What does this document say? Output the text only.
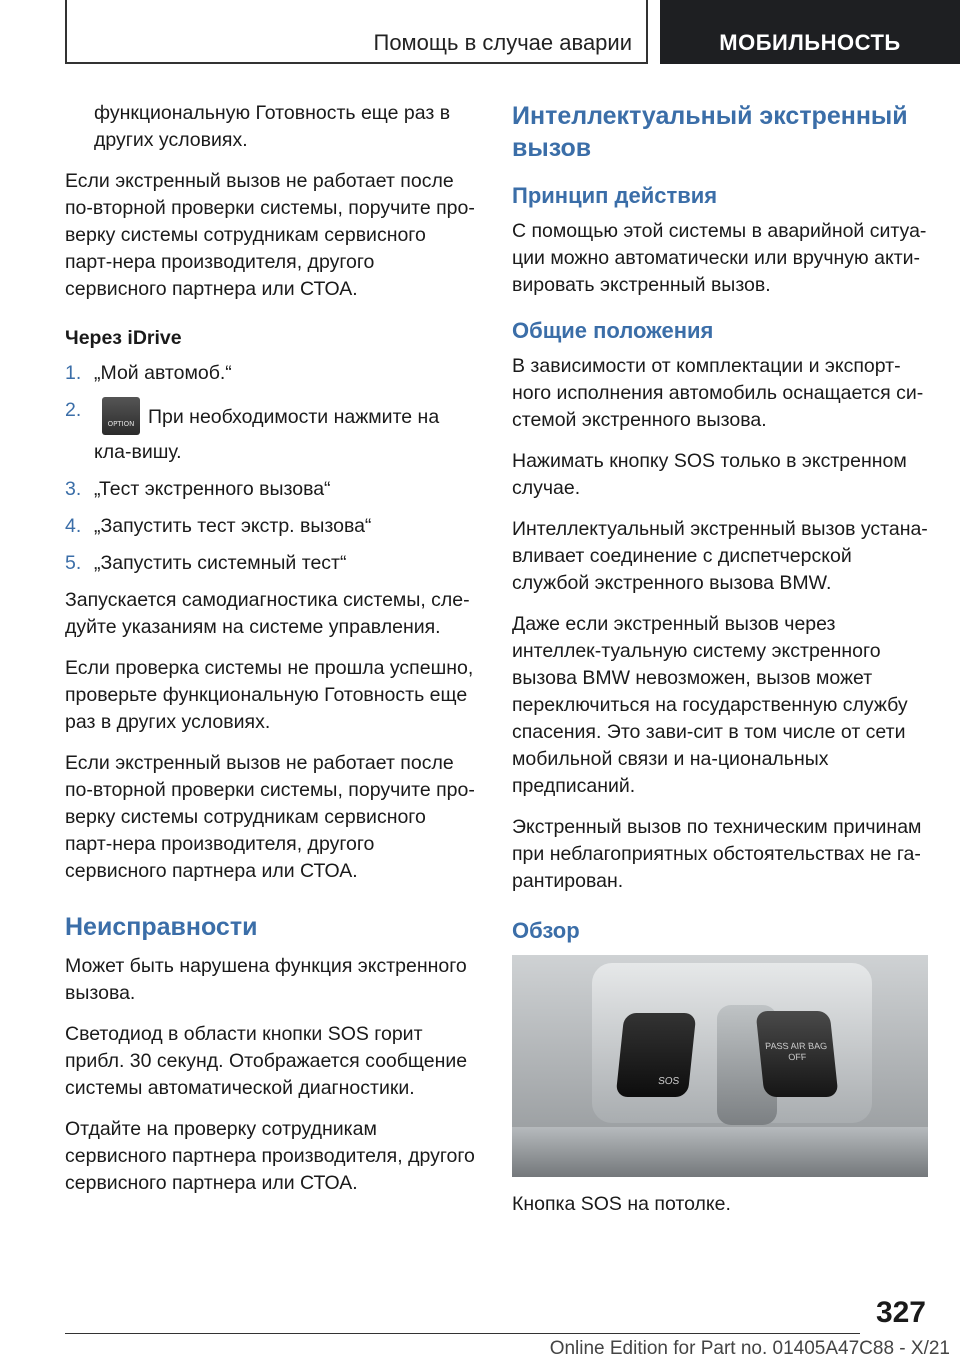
Помощь в случае аварии	МОБИЛЬНОСТЬ

функциональную Готовность еще раз в других условиях.

Если экстренный вызов не работает после по-вторной проверки системы, поручите про-верку системы сотрудникам сервисного парт-нера производителя, другого сервисного партнера или СТОА.

Через iDrive
1. „Мой автомоб.“
2.
OPTION При необходимости нажмите на кла-вишу.
3. „Тест экстренного вызова“
4. „Запустить тест экстр. вызова“
5. „Запустить системный тест“

Запускается самодиагностика системы, сле-дуйте указаниям на системе управления.

Если проверка системы не прошла успешно, проверьте функциональную Готовность еще раз в других условиях.

Если экстренный вызов не работает после по-вторной проверки системы, поручите про-верку системы сотрудникам сервисного парт-нера производителя, другого сервисного партнера или СТОА.

Неисправности

Может быть нарушена функция экстренного вызова.

Светодиод в области кнопки SOS горит прибл. 30 секунд. Отображается сообщение системы автоматической диагностики.

Отдайте на проверку сотрудникам сервисного партнера производителя, другого сервисного партнера или СТОА.

Интеллектуальный экстренный вызов
Принцип действия

С помощью этой системы в аварийной ситуа-ции можно автоматически или вручную акти-вировать экстренный вызов.

Общие положения

В зависимости от комплектации и экспорт-ного исполнения автомобиль оснащается си-стемой экстренного вызова.

Нажимать кнопку SOS только в экстренном случае.

Интеллектуальный экстренный вызов устана-вливает соединение с диспетчерской службой экстренного вызова BMW.

Даже если экстренный вызов через интеллек-туальную систему экстренного вызова BMW невозможен, вызов может переключиться на государственную службу спасения. Это зави-сит в том числе от сети мобильной связи и на-циональных предписаний.

Экстренный вызов по техническим причинам при неблагоприятных обстоятельствах не га-рантирован.

Обзор
SOS
PASS AIR BAG OFF
Кнопка SOS на потолке.
327
Online Edition for Part no. 01405A47C88 - X/21
